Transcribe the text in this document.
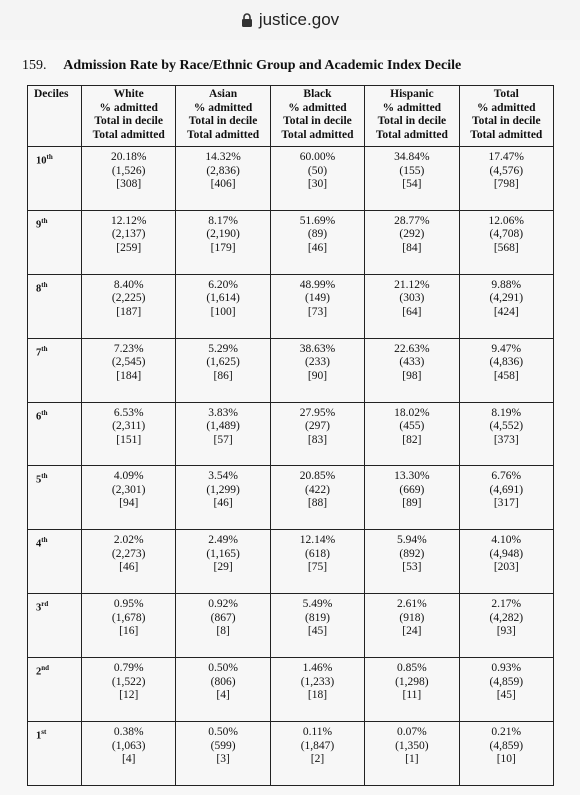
justice.gov
159. Admission Rate by Race/Ethnic Group and Academic Index Decile
Deciles	White
% admitted
Total in decile
Total admitted	Asian
% admitted
Total in decile
Total admitted	Black
% admitted
Total in decile
Total admitted	Hispanic
% admitted
Total in decile
Total admitted	Total
% admitted
Total in decile
Total admitted

10th	20.18%
(1,526)
[308]	14.32%
(2,836)
[406]	60.00%
(50)
[30]	34.84%
(155)
[54]	17.47%
(4,576)
[798]

9th	12.12%
(2,137)
[259]	8.17%
(2,190)
[179]	51.69%
(89)
[46]	28.77%
(292)
[84]	12.06%
(4,708)
[568]

8th	8.40%
(2,225)
[187]	6.20%
(1,614)
[100]	48.99%
(149)
[73]	21.12%
(303)
[64]	9.88%
(4,291)
[424]

7th	7.23%
(2,545)
[184]	5.29%
(1,625)
[86]	38.63%
(233)
[90]	22.63%
(433)
[98]	9.47%
(4,836)
[458]

6th	6.53%
(2,311)
[151]	3.83%
(1,489)
[57]	27.95%
(297)
[83]	18.02%
(455)
[82]	8.19%
(4,552)
[373]

5th	4.09%
(2,301)
[94]	3.54%
(1,299)
[46]	20.85%
(422)
[88]	13.30%
(669)
[89]	6.76%
(4,691)
[317]

4th	2.02%
(2,273)
[46]	2.49%
(1,165)
[29]	12.14%
(618)
[75]	5.94%
(892)
[53]	4.10%
(4,948)
[203]

3rd	0.95%
(1,678)
[16]	0.92%
(867)
[8]	5.49%
(819)
[45]	2.61%
(918)
[24]	2.17%
(4,282)
[93]

2nd	0.79%
(1,522)
[12]	0.50%
(806)
[4]	1.46%
(1,233)
[18]	0.85%
(1,298)
[11]	0.93%
(4,859)
[45]

1st	0.38%
(1,063)
[4]	0.50%
(599)
[3]	0.11%
(1,847)
[2]	0.07%
(1,350)
[1]	0.21%
(4,859)
[10]
